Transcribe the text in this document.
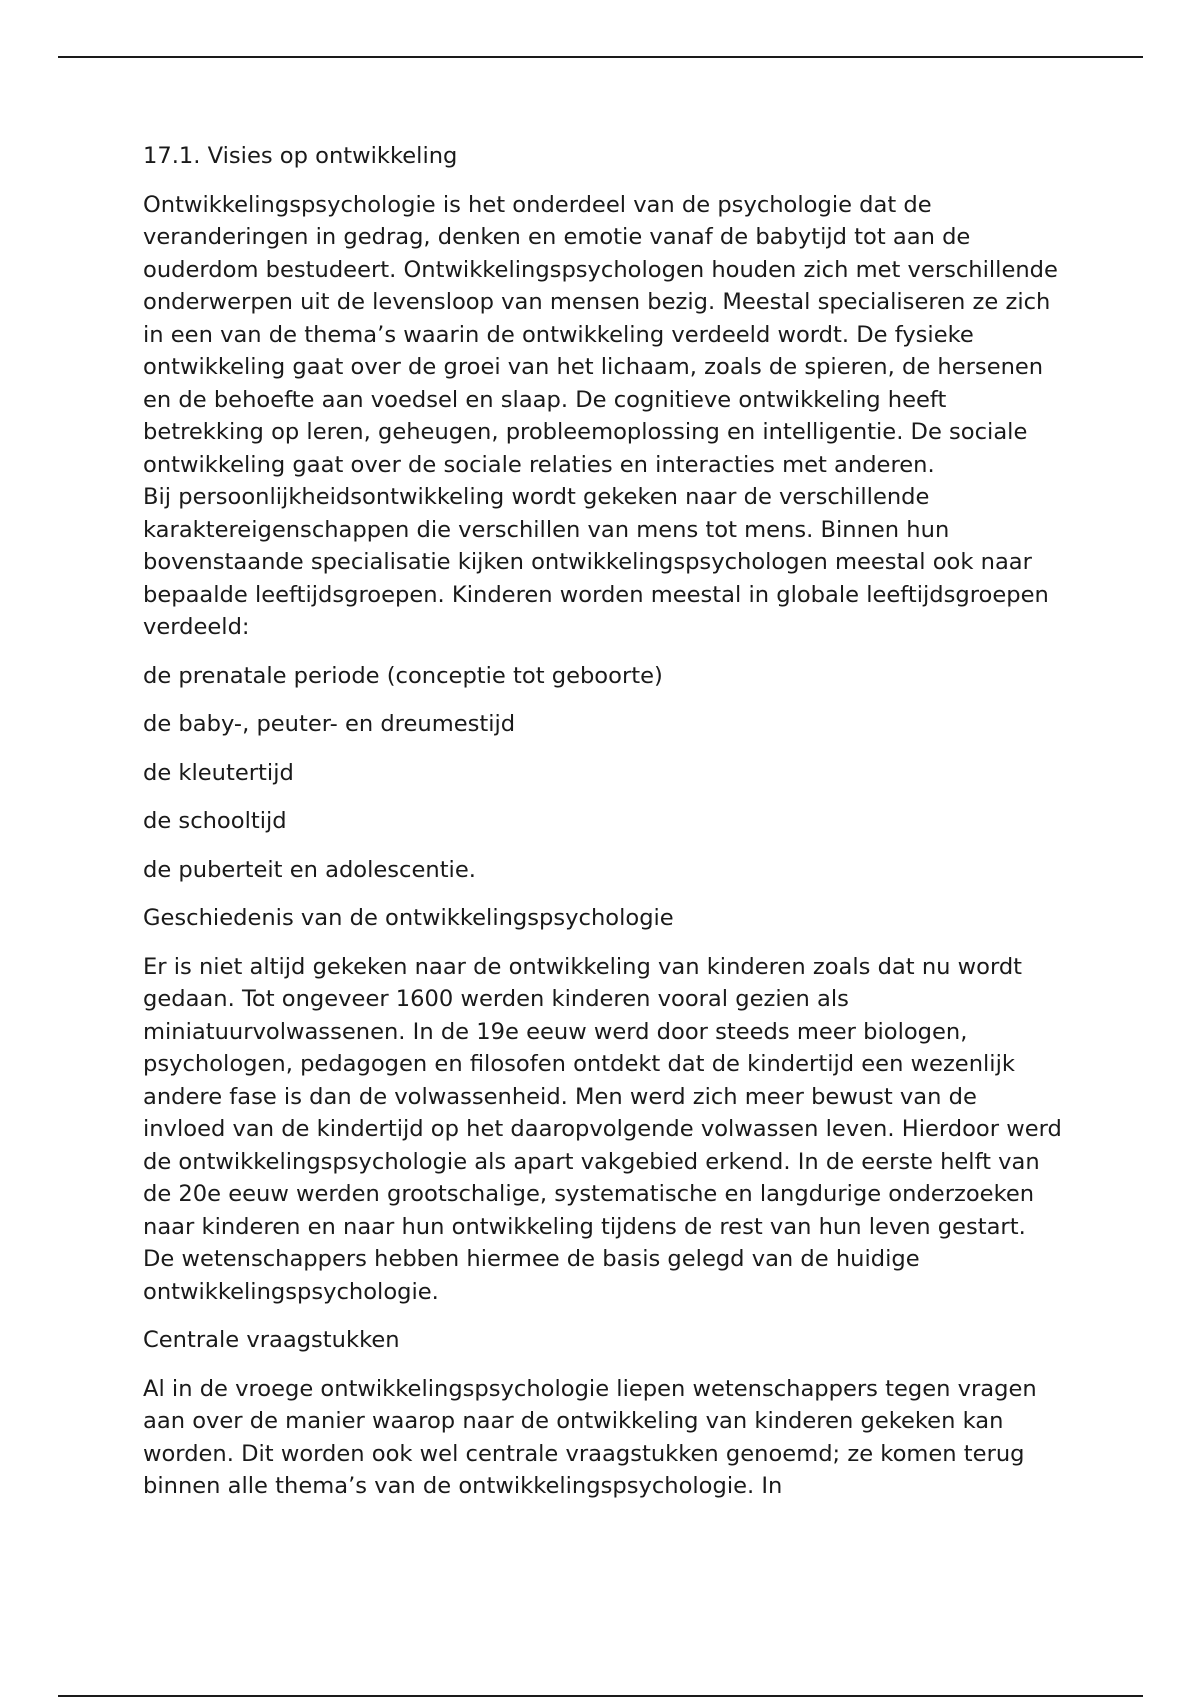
17.1. Visies op ontwikkeling

Ontwikkelingspsychologie is het onderdeel van de psychologie dat de veranderingen in gedrag, denken en emotie vanaf de babytijd tot aan de ouderdom bestudeert. Ontwikkelingspsychologen houden zich met verschillende onderwerpen uit de levensloop van mensen bezig. Meestal specialiseren ze zich in een van de thema’s waarin de ontwikkeling verdeeld wordt. De fysieke ontwikkeling gaat over de groei van het lichaam, zoals de spieren, de hersenen en de behoefte aan voedsel en slaap. De cognitieve ontwikkeling heeft betrekking op leren, geheugen, probleemoplossing en intelligentie. De sociale ontwikkeling gaat over de sociale relaties en interacties met anderen.

Bij persoonlijkheidsontwikkeling wordt gekeken naar de verschillende karaktereigenschappen die verschillen van mens tot mens. Binnen hun bovenstaande specialisatie kijken ontwikkelingspsychologen meestal ook naar bepaalde leeftijdsgroepen. Kinderen worden meestal in globale leeftijdsgroepen verdeeld:

de prenatale periode (conceptie tot geboorte)

de baby-, peuter- en dreumestijd

de kleutertijd

de schooltijd

de puberteit en adolescentie.

Geschiedenis van de ontwikkelingspsychologie

Er is niet altijd gekeken naar de ontwikkeling van kinderen zoals dat nu wordt gedaan. Tot ongeveer 1600 werden kinderen vooral gezien als miniatuurvolwassenen. In de 19e eeuw werd door steeds meer biologen, psychologen, pedagogen en filosofen ontdekt dat de kindertijd een wezenlijk andere fase is dan de volwassenheid. Men werd zich meer bewust van de invloed van de kindertijd op het daaropvolgende volwassen leven. Hierdoor werd de ontwikkelingspsychologie als apart vakgebied erkend. In de eerste helft van de 20e eeuw werden grootschalige, systematische en langdurige onderzoeken naar kinderen en naar hun ontwikkeling tijdens de rest van hun leven gestart. De wetenschappers hebben hiermee de basis gelegd van de huidige ontwikkelingspsychologie.

Centrale vraagstukken

Al in de vroege ontwikkelingspsychologie liepen wetenschappers tegen vragen aan over de manier waarop naar de ontwikkeling van kinderen gekeken kan worden. Dit worden ook wel centrale vraagstukken genoemd; ze komen terug binnen alle thema’s van de ontwikkelingspsychologie. In
